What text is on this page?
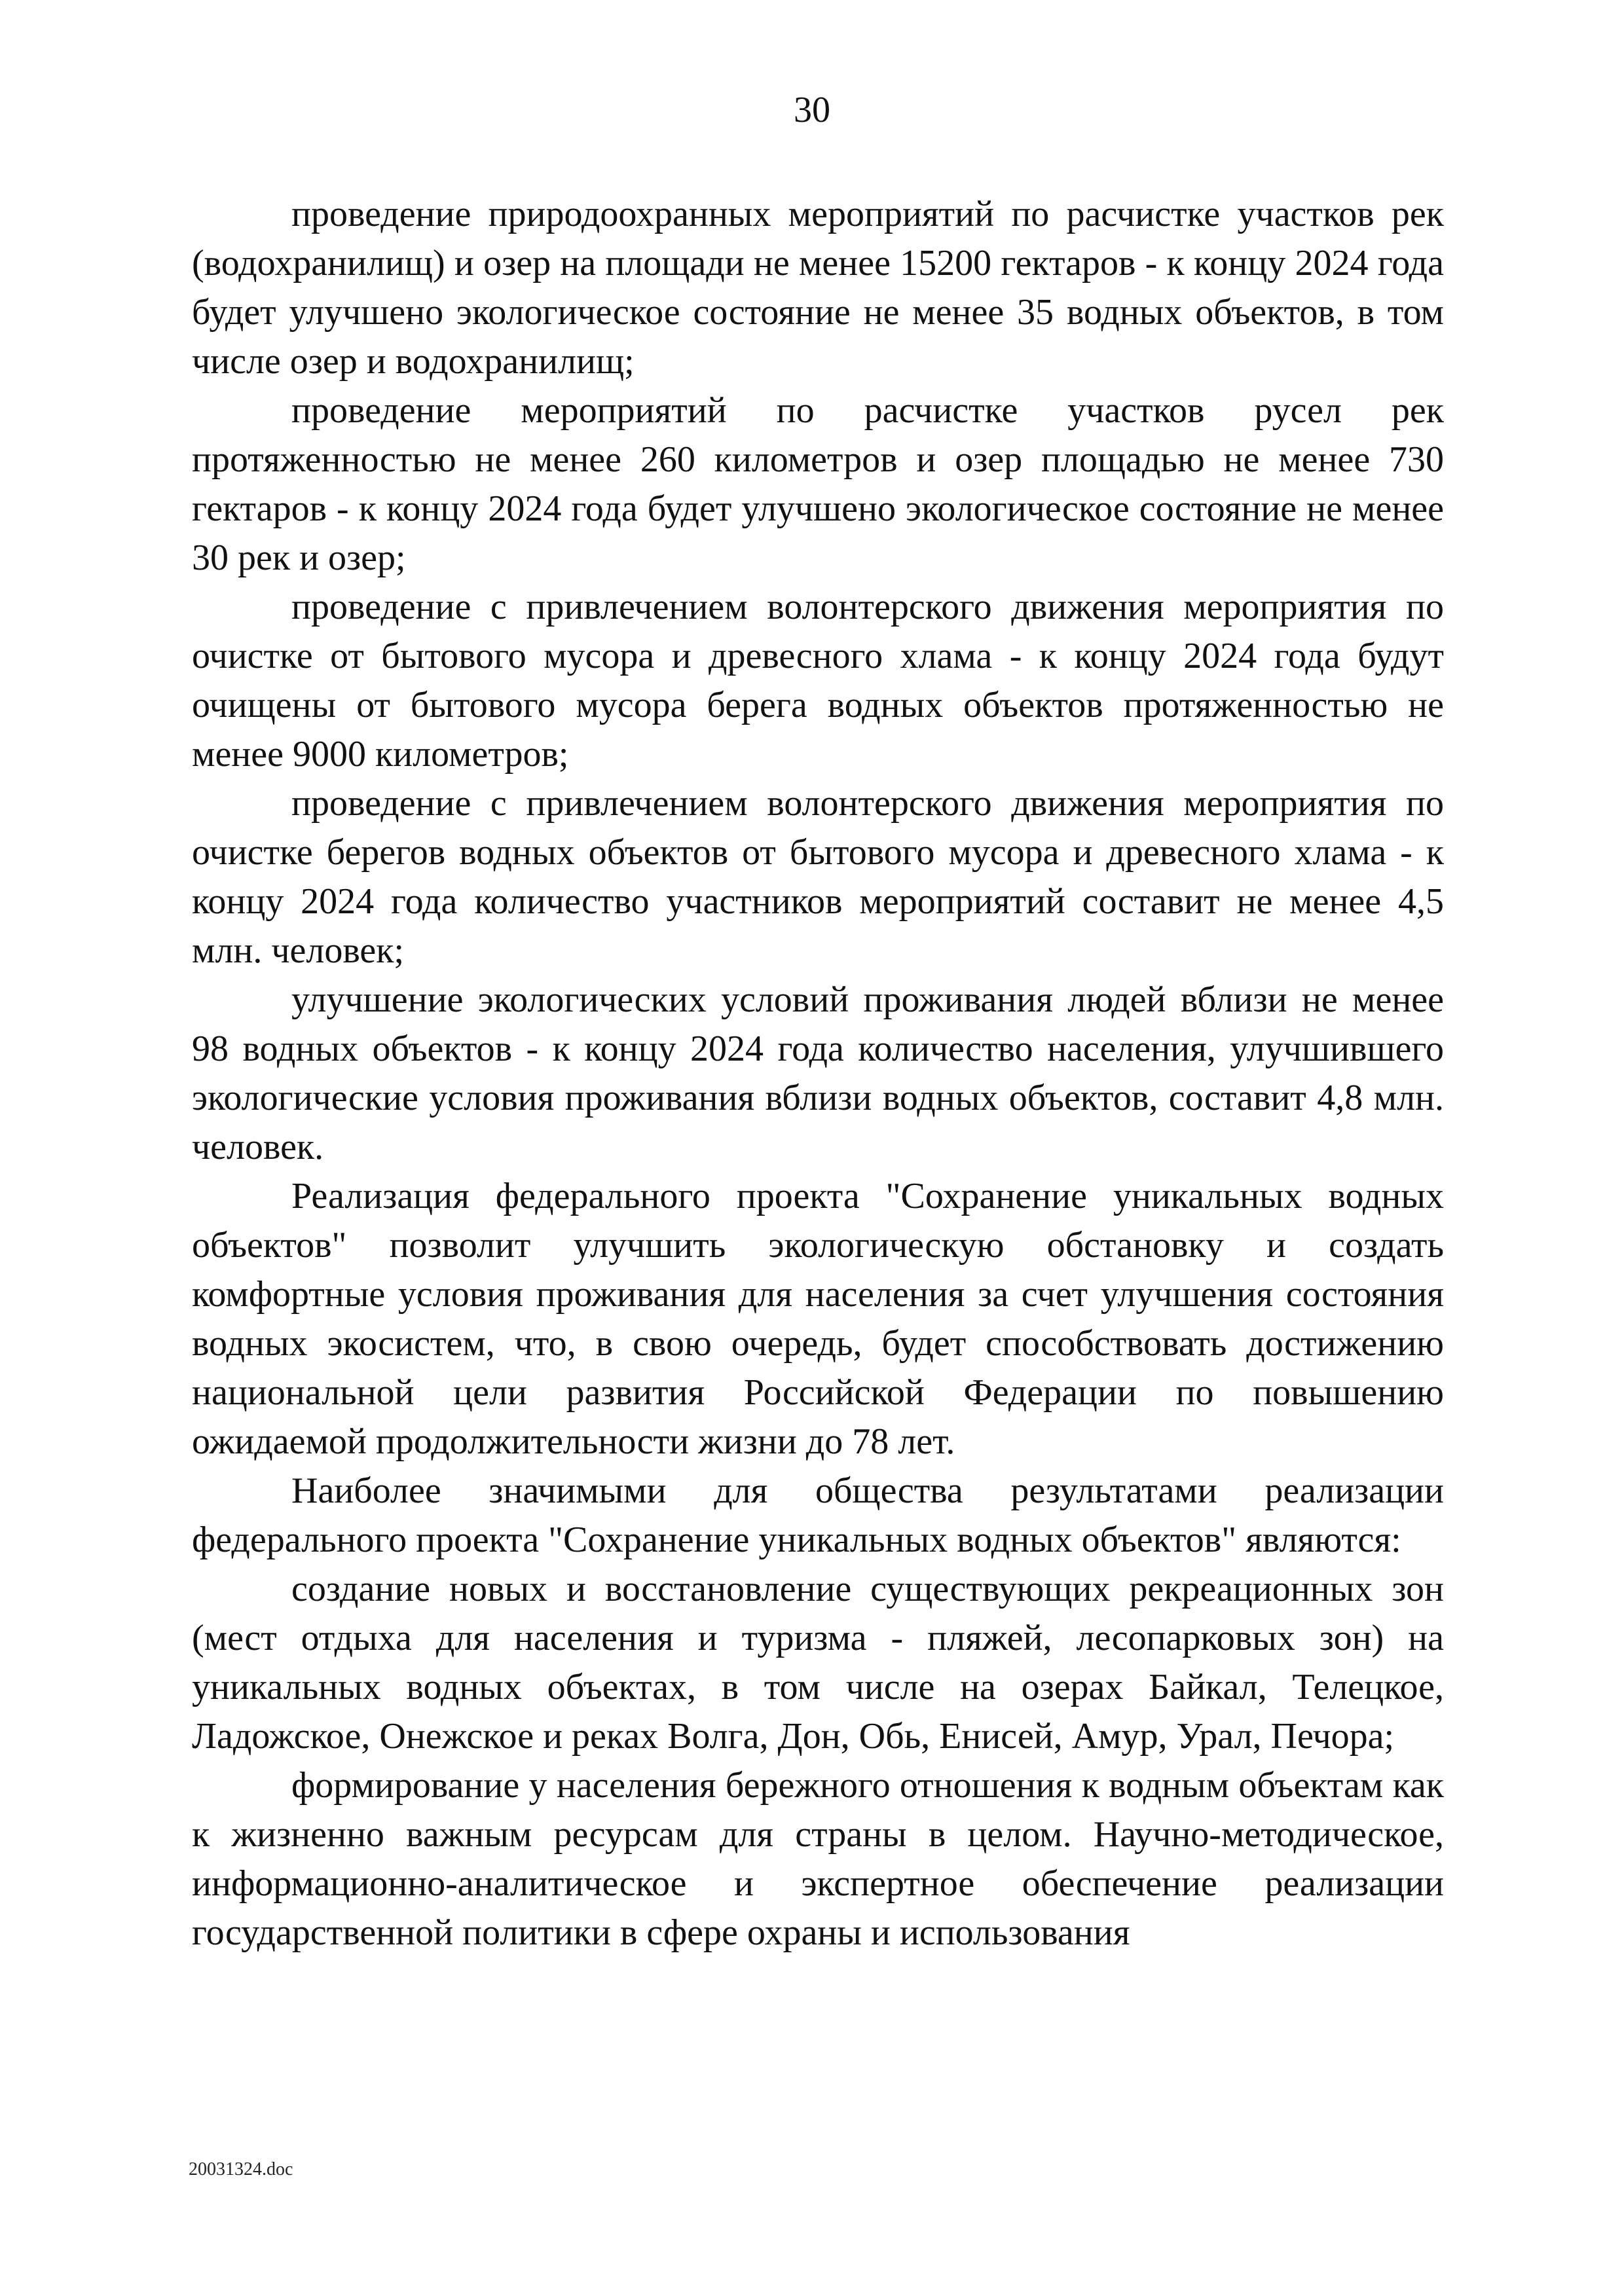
30

проведение природоохранных мероприятий по расчистке участков рек (водохранилищ) и озер на площади не менее 15200 гектаров - к концу 2024 года будет улучшено экологическое состояние не менее 35 водных объектов, в том числе озер и водохранилищ;

проведение мероприятий по расчистке участков русел рек протяженностью не менее 260 километров и озер площадью не менее 730 гектаров - к концу 2024 года будет улучшено экологическое состояние не менее 30 рек и озер;

проведение с привлечением волонтерского движения мероприятия по очистке от бытового мусора и древесного хлама - к концу 2024 года будут очищены от бытового мусора берега водных объектов протяженностью не менее 9000 километров;

проведение с привлечением волонтерского движения мероприятия по очистке берегов водных объектов от бытового мусора и древесного хлама - к концу 2024 года количество участников мероприятий составит не менее 4,5 млн. человек;

улучшение экологических условий проживания людей вблизи не менее 98 водных объектов - к концу 2024 года количество населения, улучшившего экологические условия проживания вблизи водных объектов, составит 4,8 млн. человек.

Реализация федерального проекта "Сохранение уникальных водных объектов" позволит улучшить экологическую обстановку и создать комфортные условия проживания для населения за счет улучшения состояния водных экосистем, что, в свою очередь, будет способствовать достижению национальной цели развития Российской Федерации по повышению ожидаемой продолжительности жизни до 78 лет.

Наиболее значимыми для общества результатами реализации федерального проекта "Сохранение уникальных водных объектов" являются:

создание новых и восстановление существующих рекреационных зон (мест отдыха для населения и туризма - пляжей, лесопарковых зон) на уникальных водных объектах, в том числе на озерах Байкал, Телецкое, Ладожское, Онежское и реках Волга, Дон, Обь, Енисей, Амур, Урал, Печора;

формирование у населения бережного отношения к водным объектам как к жизненно важным ресурсам для страны в целом. Научно-методическое, информационно-аналитическое и экспертное обеспечение реализации государственной политики в сфере охраны и использования

20031324.doc
